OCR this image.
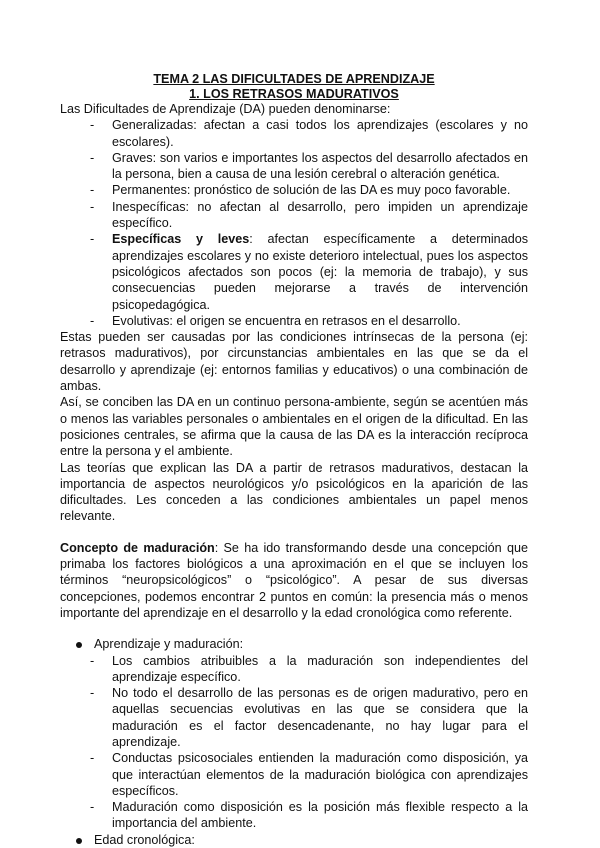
TEMA 2 LAS DIFICULTADES DE APRENDIZAJE

1. LOS RETRASOS MADURATIVOS

Las Dificultades de Aprendizaje (DA) pueden denominarse:

- Generalizadas: afectan a casi todos los aprendizajes (escolares y no escolares).
- Graves: son varios e importantes los aspectos del desarrollo afectados en la persona, bien a causa de una lesión cerebral o alteración genética.
- Permanentes: pronóstico de solución de las DA es muy poco favorable.
- Inespecíficas: no afectan al desarrollo, pero impiden un aprendizaje específico.
- Específicas y leves: afectan específicamente a determinados aprendizajes escolares y no existe deterioro intelectual, pues los aspectos psicológicos afectados son pocos (ej: la memoria de trabajo), y sus consecuencias pueden mejorarse a través de intervención psicopedagógica.
- Evolutivas: el origen se encuentra en retrasos en el desarrollo.

Estas pueden ser causadas por las condiciones intrínsecas de la persona (ej: retrasos madurativos), por circunstancias ambientales en las que se da el desarrollo y aprendizaje (ej: entornos familias y educativos) o una combinación de ambas.

Así, se conciben las DA en un continuo persona-ambiente, según se acentúen más o menos las variables personales o ambientales en el origen de la dificultad. En las posiciones centrales, se afirma que la causa de las DA es la interacción recíproca entre la persona y el ambiente.

Las teorías que explican las DA a partir de retrasos madurativos, destacan la importancia de aspectos neurológicos y/o psicológicos en la aparición de las dificultades. Les conceden a las condiciones ambientales un papel menos relevante.

Concepto de maduración: Se ha ido transformando desde una concepción que primaba los factores biológicos a una aproximación en el que se incluyen los términos “neuropsicológicos” o “psicológico”. A pesar de sus diversas concepciones, podemos encontrar 2 puntos en común: la presencia más o menos importante del aprendizaje en el desarrollo y la edad cronológica como referente.

Aprendizaje y maduración:
- Los cambios atribuibles a la maduración son independientes del aprendizaje específico.
- No todo el desarrollo de las personas es de origen madurativo, pero en aquellas secuencias evolutivas en las que se considera que la maduración es el factor desencadenante, no hay lugar para el aprendizaje.
- Conductas psicosociales entienden la maduración como disposición, ya que interactúan elementos de la maduración biológica con aprendizajes específicos.
- Maduración como disposición es la posición más flexible respecto a la importancia del ambiente.
Edad cronológica:
